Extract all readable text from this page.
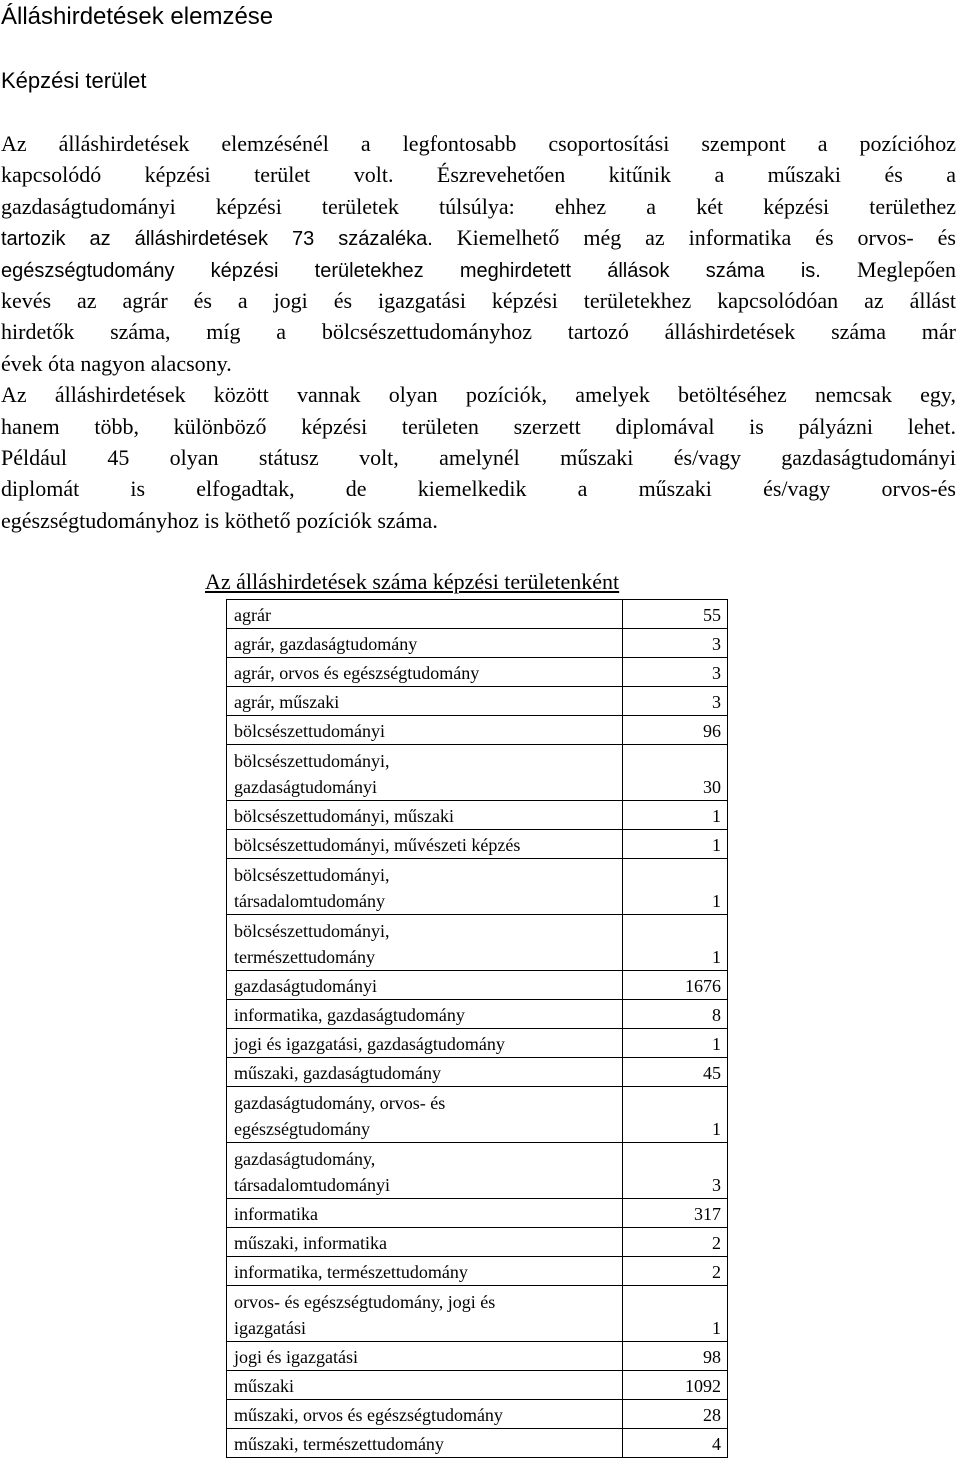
Álláshirdetések elemzése
Képzési terület
Az álláshirdetések elemzésénél a legfontosabb csoportosítási szempont a pozícióhoz
kapcsolódó képzési terület volt. Észrevehetően kitűnik a műszaki és a
gazdaságtudományi képzési területek túlsúlya: ehhez a két képzési területhez
tartozik az álláshirdetések 73 százaléka. Kiemelhető még az informatika és orvos- és
egészségtudomány képzési területekhez meghirdetett állások száma is. Meglepően
kevés az agrár és a jogi és igazgatási képzési területekhez kapcsolódóan az állást
hirdetők száma, míg a bölcsészettudományhoz tartozó álláshirdetések száma már
évek óta nagyon alacsony.
Az álláshirdetések között vannak olyan pozíciók, amelyek betöltéséhez nemcsak egy,
hanem több, különböző képzési területen szerzett diplomával is pályázni lehet.
Például 45 olyan státusz volt, amelynél műszaki és/vagy gazdaságtudományi
diplomát is elfogadtak, de kiemelkedik a műszaki és/vagy orvos-és
egészségtudományhoz is köthető pozíciók száma.
Az álláshirdetések száma képzési területenként
agrár	55

agrár, gazdaságtudomány	3

agrár, orvos és egészségtudomány	3

agrár, műszaki	3

bölcsészettudományi	96

bölcsészettudományi,
gazdaságtudományi	30

bölcsészettudományi, műszaki	1

bölcsészettudományi, művészeti képzés	1

bölcsészettudományi,
társadalomtudomány	1

bölcsészettudományi,
természettudomány	1

gazdaságtudományi	1676

informatika, gazdaságtudomány	8

jogi és igazgatási, gazdaságtudomány	1

műszaki, gazdaságtudomány	45

gazdaságtudomány, orvos- és
egészségtudomány	1

gazdaságtudomány,
társadalomtudományi	3

informatika	317

műszaki, informatika	2

informatika, természettudomány	2

orvos- és egészségtudomány, jogi és
igazgatási	1

jogi és igazgatási	98

műszaki	1092

műszaki, orvos és egészségtudomány	28

műszaki, természettudomány	4
